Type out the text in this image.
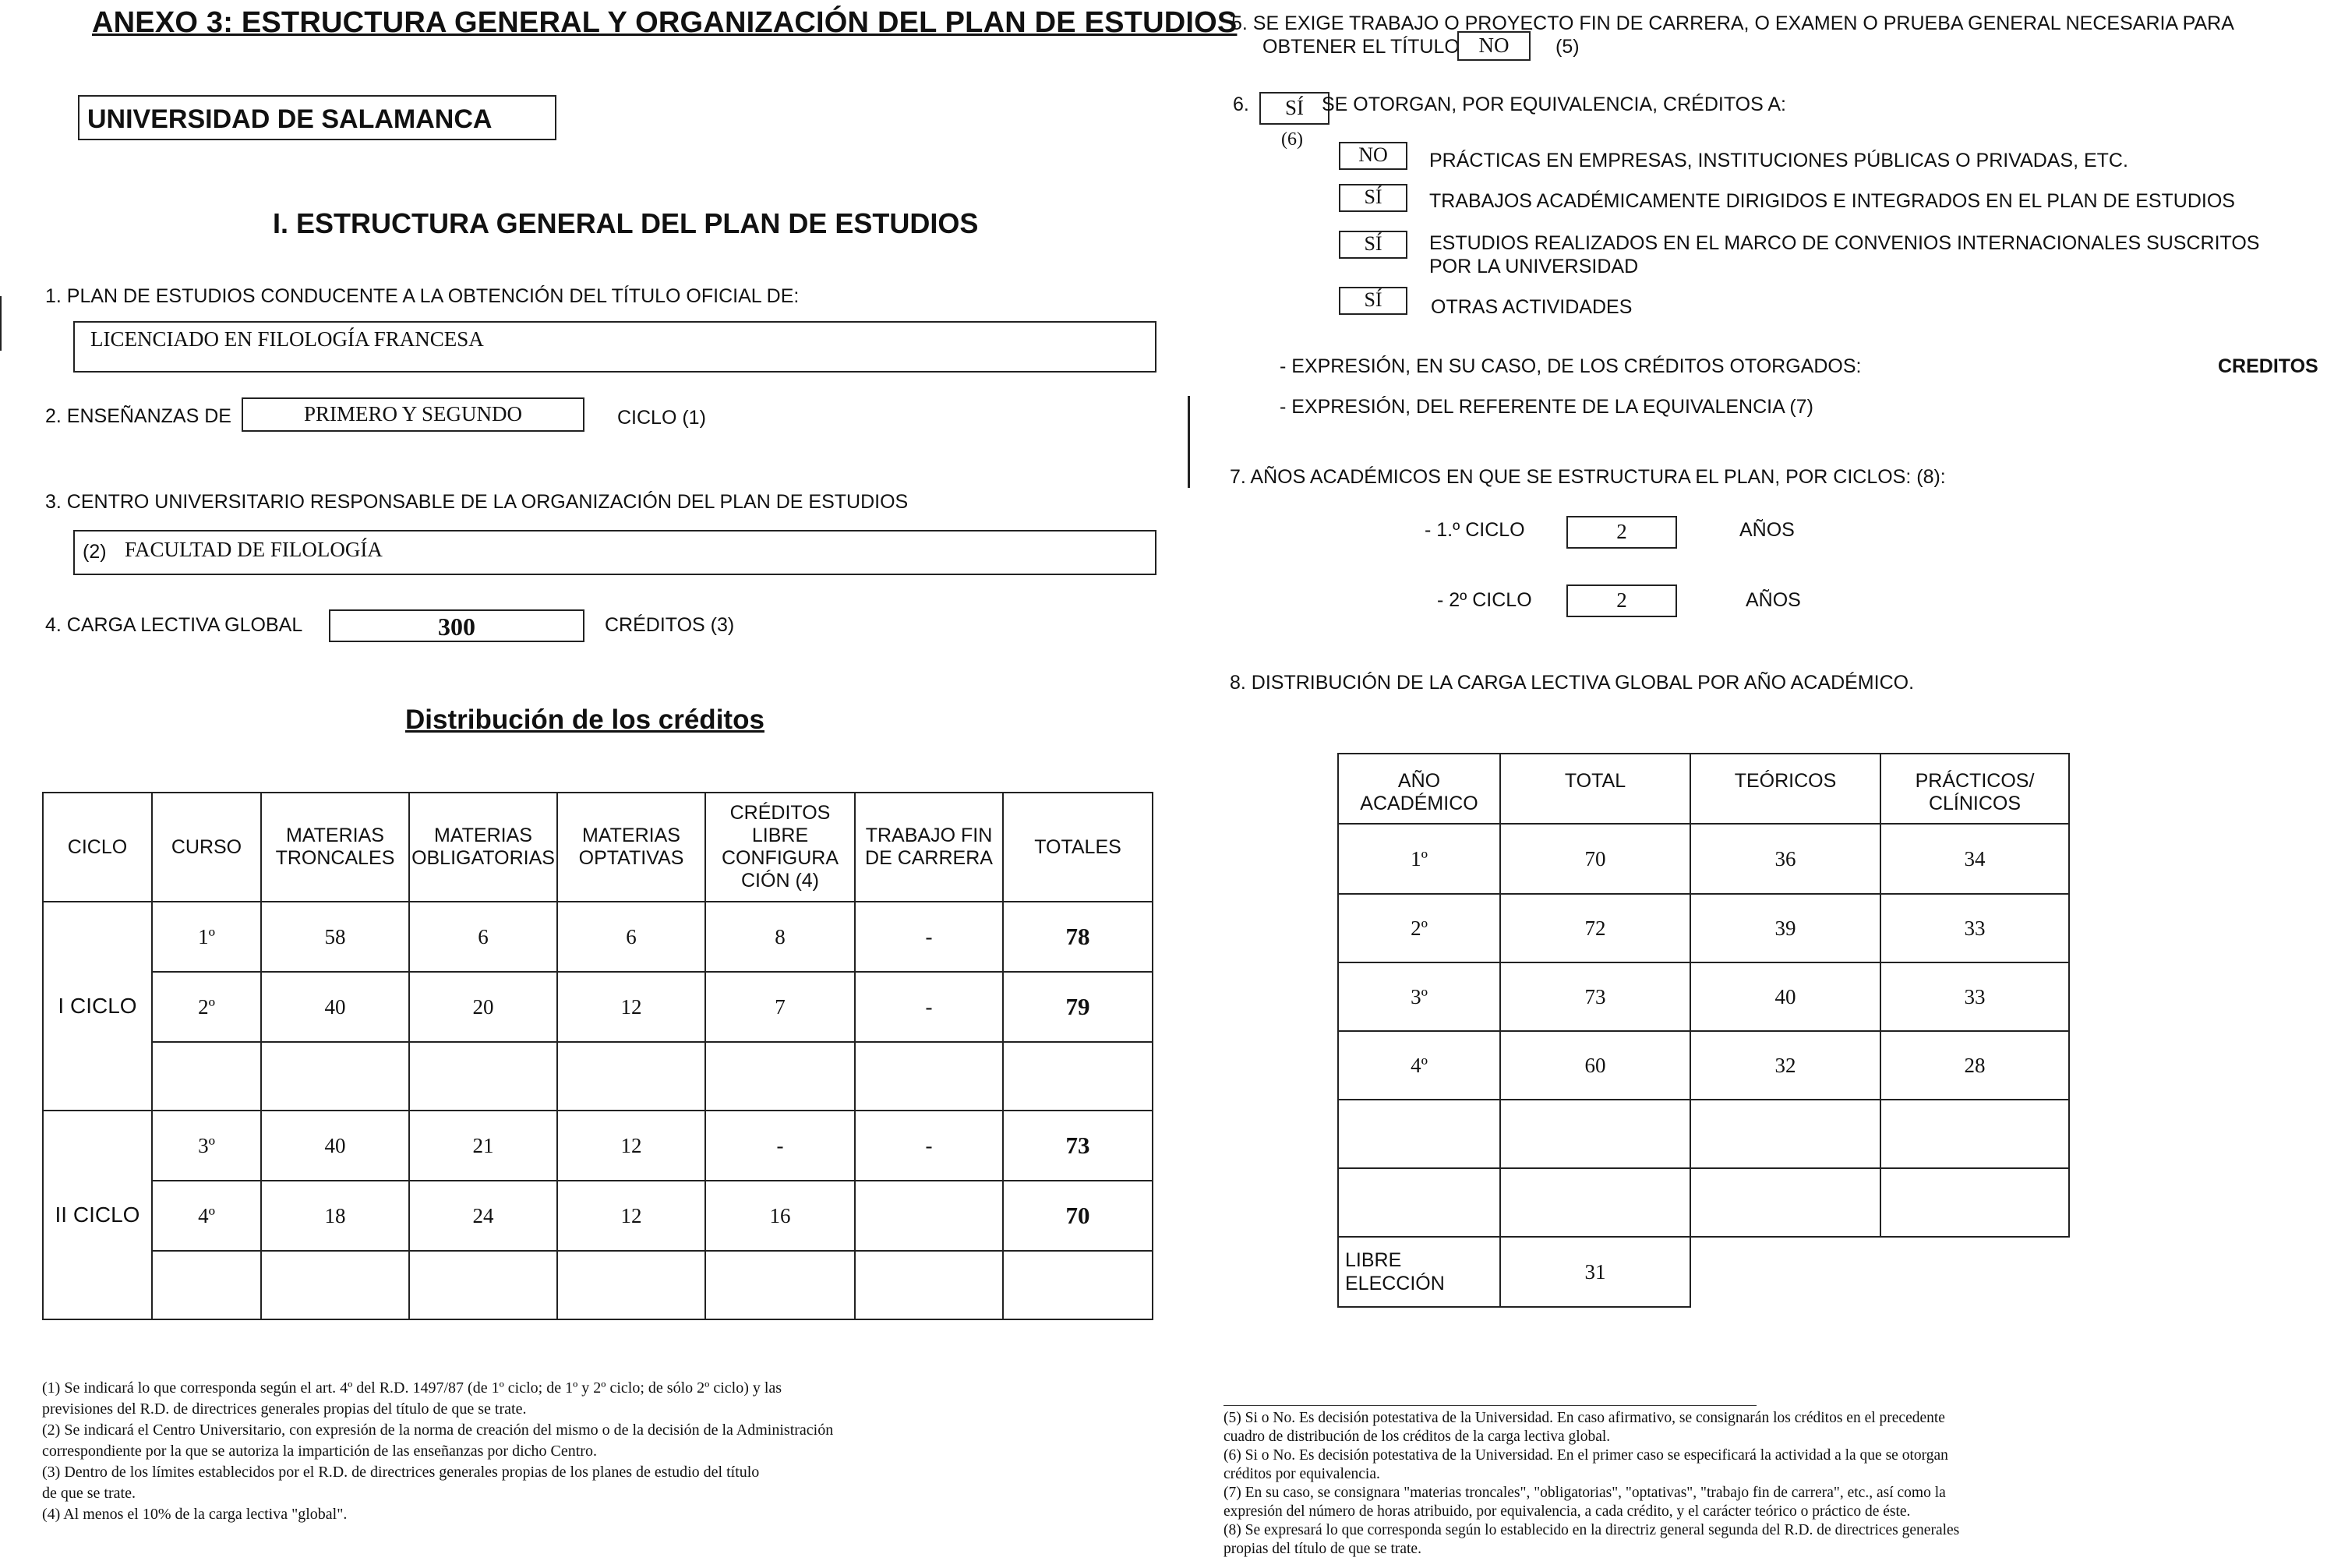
ANEXO 3: ESTRUCTURA GENERAL Y ORGANIZACIÓN DEL PLAN DE ESTUDIOS
UNIVERSIDAD DE SALAMANCA
I. ESTRUCTURA GENERAL DEL PLAN DE ESTUDIOS
1. PLAN DE ESTUDIOS CONDUCENTE A LA OBTENCIÓN DEL TÍTULO OFICIAL DE:
LICENCIADO EN FILOLOGÍA FRANCESA
2. ENSEÑANZAS DE	PRIMERO Y SEGUNDO	CICLO (1)
3. CENTRO UNIVERSITARIO RESPONSABLE DE LA ORGANIZACIÓN DEL PLAN DE ESTUDIOS
(2) FACULTAD DE FILOLOGÍA
4. CARGA LECTIVA GLOBAL	300	CRÉDITOS (3)
Distribución de los créditos
CICLO	CURSO	MATERIAS TRONCALES	MATERIAS OBLIGATORIAS	MATERIAS OPTATIVAS	CRÉDITOS LIBRE CONFIGURA CIÓN (4)	TRABAJO FIN DE CARRERA	TOTALES
I CICLO	1º	58	6	6	8	-	78
	2º	40	20	12	7	-	79

II CICLO	3º	40	21	12	-	-	73
	4º	18	24	12	16		70

(1) Se indicará lo que corresponda según el art. 4º del R.D. 1497/87 (de 1º ciclo; de 1º y 2º ciclo; de sólo 2º ciclo) y las
previsiones del R.D. de directrices generales propias del título de que se trate.
(2) Se indicará el Centro Universitario, con expresión de la norma de creación del mismo o de la decisión de la Administración
correspondiente por la que se autoriza la impartición de las enseñanzas por dicho Centro.
(3) Dentro de los límites establecidos por el R.D. de directrices generales propias de los planes de estudio del título
de que se trate.
(4) Al menos el 10% de la carga lectiva "global".
5. SE EXIGE TRABAJO O PROYECTO FIN DE CARRERA, O EXAMEN O PRUEBA GENERAL NECESARIA PARA
OBTENER EL TÍTULO NO	(5)
6.	SÍ SE OTORGAN, POR EQUIVALENCIA, CRÉDITOS A:
(6)
NO	PRÁCTICAS EN EMPRESAS, INSTITUCIONES PÚBLICAS O PRIVADAS, ETC.
SÍ	TRABAJOS ACADÉMICAMENTE DIRIGIDOS E INTEGRADOS EN EL PLAN DE ESTUDIOS
SÍ	ESTUDIOS REALIZADOS EN EL MARCO DE CONVENIOS INTERNACIONALES SUSCRITOS
POR LA UNIVERSIDAD
SÍ	OTRAS ACTIVIDADES
- EXPRESIÓN, EN SU CASO, DE LOS CRÉDITOS OTORGADOS:	CREDITOS
- EXPRESIÓN, DEL REFERENTE DE LA EQUIVALENCIA (7)
7. AÑOS ACADÉMICOS EN QUE SE ESTRUCTURA EL PLAN, POR CICLOS: (8):
- 1.º CICLO	2	AÑOS
- 2º CICLO	2	AÑOS
8. DISTRIBUCIÓN DE LA CARGA LECTIVA GLOBAL POR AÑO ACADÉMICO.
AÑO ACADÉMICO	TOTAL	TEÓRICOS	PRÁCTICOS/ CLÍNICOS
1º	70	36	34
2º	72	39	33
3º	73	40	33
4º	60	32	28

LIBRE
ELECCIÓN	31		
(5) Si o No. Es decisión potestativa de la Universidad. En caso afirmativo, se consignarán los créditos en el precedente
cuadro de distribución de los créditos de la carga lectiva global.
(6) Si o No. Es decisión potestativa de la Universidad. En el primer caso se especificará la actividad a la que se otorgan
créditos por equivalencia.
(7) En su caso, se consignara "materias troncales", "obligatorias", "optativas", "trabajo fin de carrera", etc., así como la
expresión del número de horas atribuido, por equivalencia, a cada crédito, y el carácter teórico o práctico de éste.
(8) Se expresará lo que corresponda según lo establecido en la directriz general segunda del R.D. de directrices generales
propias del título de que se trate.
